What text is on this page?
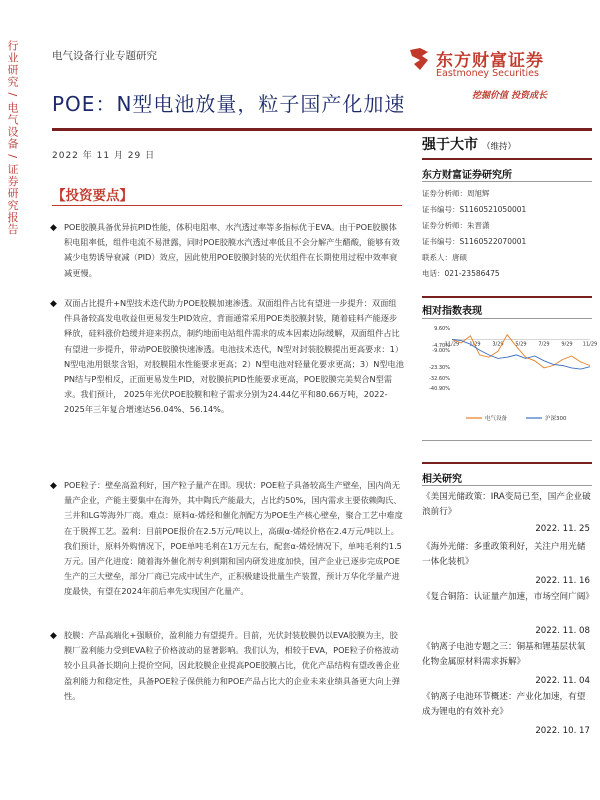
行业研究 / 电气设备 / 证券研究报告	电气设备行业专题研究	东方财富证券
Eastmoney Securities
挖掘价值 投资成长
POE：N型电池放量，粒子国产化加速
2022 年 11 月 29 日
【投资要点】
◆ POE胶膜具备优异抗PID性能，体积电阻率、水汽透过率等多指标优于EVA。由于POE胶膜体积电阻率低，组件电流不易泄露，同时POE胶膜水汽透过率低且不会分解产生醋酸，能够有效减少电势诱导衰减（PID）效应，因此使用POE胶膜封装的光伏组件在长期使用过程中效率衰减更慢。
◆ 双面占比提升+N型技术迭代助力POE胶膜加速渗透。双面组件占比有望进一步提升：双面组件具备较高发电收益但更易发生PID效应，背面通常采用POE类胶膜封装，随着硅料产能逐步释放，硅料涨价趋缓并迎来拐点，制约地面电站组件需求的成本因素边际缓解，双面组件占比有望进一步提升，带动POE胶膜快速渗透。电池技术迭代，N型对封装胶膜提出更高要求：1）N型电池用银浆含铝，对胶膜阻水性能要求更高；2）N型电池对轻量化要求更高；3）N型电池PN结与P型相反，正面更易发生PID，对胶膜抗PID性能要求更高，POE胶膜完美契合N型需求。我们预计， 2025年光伏POE胶膜和粒子需求分别为24.44亿平和80.66万吨，2022-2025年三年复合增速达56.04%、56.14%。
◆ POE粒子：壁垒高盈利好，国产粒子量产在即。现状：POE粒子具备较高生产壁垒，国内尚无量产企业，产能主要集中在海外，其中陶氏产能最大，占比约50%，国内需求主要依赖陶氏、三井和LG等海外厂商。难点：原料α-烯烃和催化剂配方为POE生产核心壁垒，聚合工艺中难度在于脱挥工艺。盈利：目前POE报价在2.5万元/吨以上，高碳α-烯烃价格在2.4万元/吨以上。我们预计，原料外购情况下，POE单吨毛利在1万元左右，配套α-烯烃情况下，单吨毛利约1.5万元。国产化进度：随着海外催化剂专利到期和国内研发进度加快，国产企业已逐步完成POE生产的三大壁垒，部分厂商已完成中试生产，正积极建设批量生产装置，预计万华化学量产进度最快，有望在2024年前后率先实现国产化量产。
◆ 胶膜：产品高端化+强顺价，盈利能力有望提升。目前，光伏封装胶膜仍以EVA胶膜为主，胶膜厂盈利能力受到EVA粒子价格波动的显著影响。我们认为，相较于EVA，POE粒子价格波动较小且具备长期向上提价空间，因此胶膜企业提高POE胶膜占比，优化产品结构有望改善企业盈利能力和稳定性，具备POE粒子保供能力和POE产品占比大的企业未来业绩具备更大向上弹性。
强于大市 （维持）
东方财富证券研究所
证券分析师：周旭辉
证书编号：S1160521050001
证券分析师：朱晋潇
证书编号：S1160522070001
联系人：唐硕
电话：021-23586475
相对指数表现
9.60%
-4.70%
-9.00%
-23.30%
-32.60%
-40.90%
11/29 1/29 3/29 5/29 7/29 9/29 11/29
电气设备	沪深300
相关研究
《美国光储政策：IRA变局已至，国产企业破浪前行》
2022. 11. 25
《海外光储：多重政策利好，关注户用光储一体化装机》
2022. 11. 16
《复合铜箔：认证量产加速，市场空间广阔》
2022. 11. 08
《钠离子电池专题之三：铜基和锂基层状氧化物金属原材料需求拆解》
2022. 11. 04
《钠离子电池环节概述：产业化加速，有望成为锂电的有效补充》
2022. 10. 17
